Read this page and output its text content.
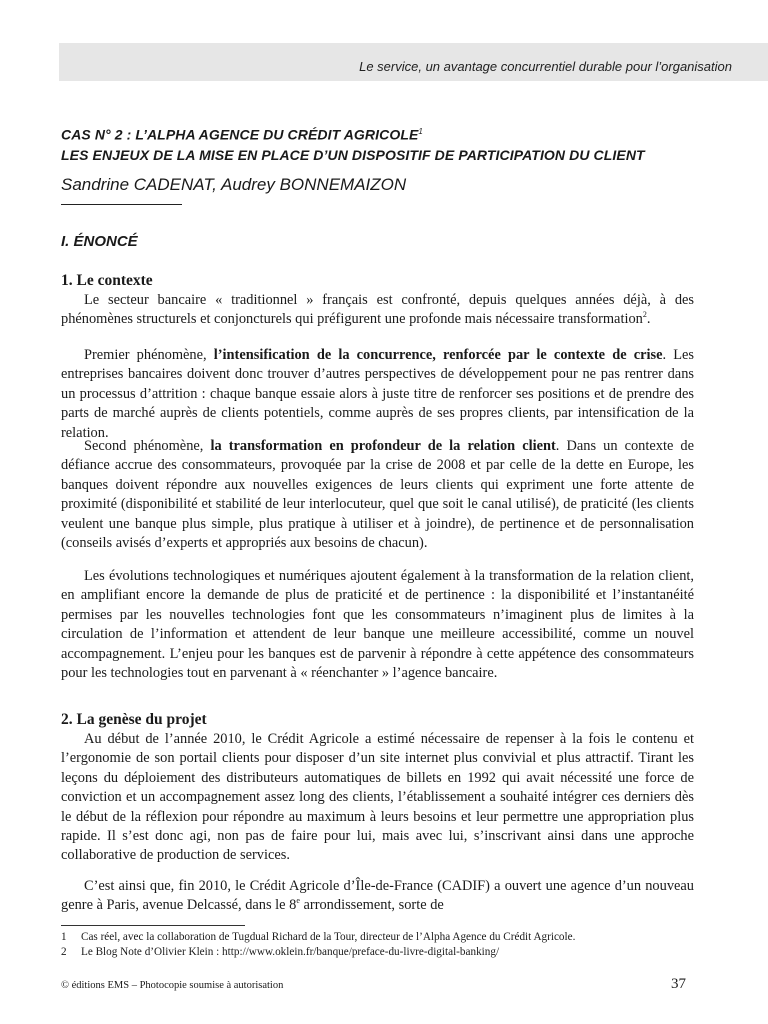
Le service, un avantage concurrentiel durable pour l’organisation
CAS N° 2 : L’ALPHA AGENCE DU CRÉDIT AGRICOLE$^1$
LES ENJEUX DE LA MISE EN PLACE D’UN DISPOSITIF DE PARTICIPATION DU CLIENT
Sandrine CADENAT, Audrey BONNEMAIZON
I. ÉNONCÉ
1. Le contexte

Le secteur bancaire « traditionnel » français est confronté, depuis quelques années déjà, à des phénomènes structurels et conjoncturels qui préfigurent une profonde mais nécessaire transformation$^2$.

Premier phénomène, l’intensification de la concurrence, renforcée par le contexte de crise. Les entreprises bancaires doivent donc trouver d’autres perspectives de développement pour ne pas rentrer dans un processus d’attrition : chaque banque essaie alors à juste titre de renforcer ses positions et de prendre des parts de marché auprès de clients potentiels, comme auprès de ses propres clients, par intensification de la relation.

Second phénomène, la transformation en profondeur de la relation client. Dans un contexte de défiance accrue des consommateurs, provoquée par la crise de 2008 et par celle de la dette en Europe, les banques doivent répondre aux nouvelles exigences de leurs clients qui expriment une forte attente de proximité (disponibilité et stabilité de leur interlocuteur, quel que soit le canal utilisé), de praticité (les clients veulent une banque plus simple, plus pratique à utiliser et à joindre), de pertinence et de personnalisation (conseils avisés d’experts et appropriés aux besoins de chacun).

Les évolutions technologiques et numériques ajoutent également à la transformation de la relation client, en amplifiant encore la demande de plus de praticité et de pertinence : la disponibilité et l’instantanéité permises par les nouvelles technologies font que les consommateurs n’imaginent plus de limites à la circulation de l’information et attendent de leur banque une meilleure accessibilité, comme un nouvel accompagnement. L’enjeu pour les banques est de parvenir à répondre à cette appétence des consommateurs pour les technologies tout en parvenant à « réenchanter » l’agence bancaire.

2. La genèse du projet

Au début de l’année 2010, le Crédit Agricole a estimé nécessaire de repenser à la fois le contenu et l’ergonomie de son portail clients pour disposer d’un site internet plus convivial et plus attractif. Tirant les leçons du déploiement des distributeurs automatiques de billets en 1992 qui avait nécessité une force de conviction et un accompagnement assez long des clients, l’établissement a souhaité intégrer ces derniers dès le début de la réflexion pour répondre au maximum à leurs besoins et leur permettre une appropriation plus rapide. Il s’est donc agi, non pas de faire pour lui, mais avec lui, s’inscrivant ainsi dans une approche collaborative de production de services.

C’est ainsi que, fin 2010, le Crédit Agricole d’Île-de-France (CADIF) a ouvert une agence d’un nouveau genre à Paris, avenue Delcassé, dans le 8e arrondissement, sorte de

1 Cas réel, avec la collaboration de Tugdual Richard de la Tour, directeur de l’Alpha Agence du Crédit Agricole.
2 Le Blog Note d’Olivier Klein : http://www.oklein.fr/banque/preface-du-livre-digital-banking/
© éditions EMS – Photocopie soumise à autorisation	37
